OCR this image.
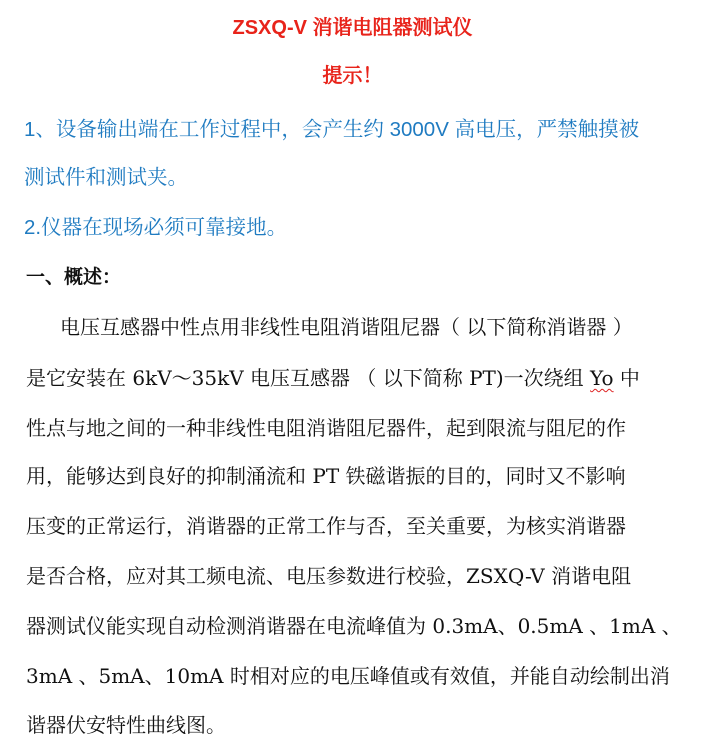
ZSXQ-V 消谐电阻器测试仪
提示！
1、设备输出端在工作过程中，会产生约 3000V 高电压，严禁触摸被
测试件和测试夹。
2.仪器在现场必须可靠接地。
一、概述：
电压互感器中性点用非线性电阻消谐阻尼器（ 以下简称消谐器 ）
是它安装在 6kV～35kV 电压互感器 （ 以下简称 PT)一次绕组 Yo 中
性点与地之间的一种非线性电阻消谐阻尼器件，起到限流与阻尼的作
用，能够达到良好的抑制涌流和 PT 铁磁谐振的目的，同时又不影响
压变的正常运行，消谐器的正常工作与否，至关重要，为核实消谐器
是否合格，应对其工频电流、电压参数进行校验，ZSXQ-V 消谐电阻
器测试仪能实现自动检测消谐器在电流峰值为 0.3mA、0.5mA 、1mA 、
3mA 、5mA、10mA 时相对应的电压峰值或有效值，并能自动绘制出消
谐器伏安特性曲线图。
